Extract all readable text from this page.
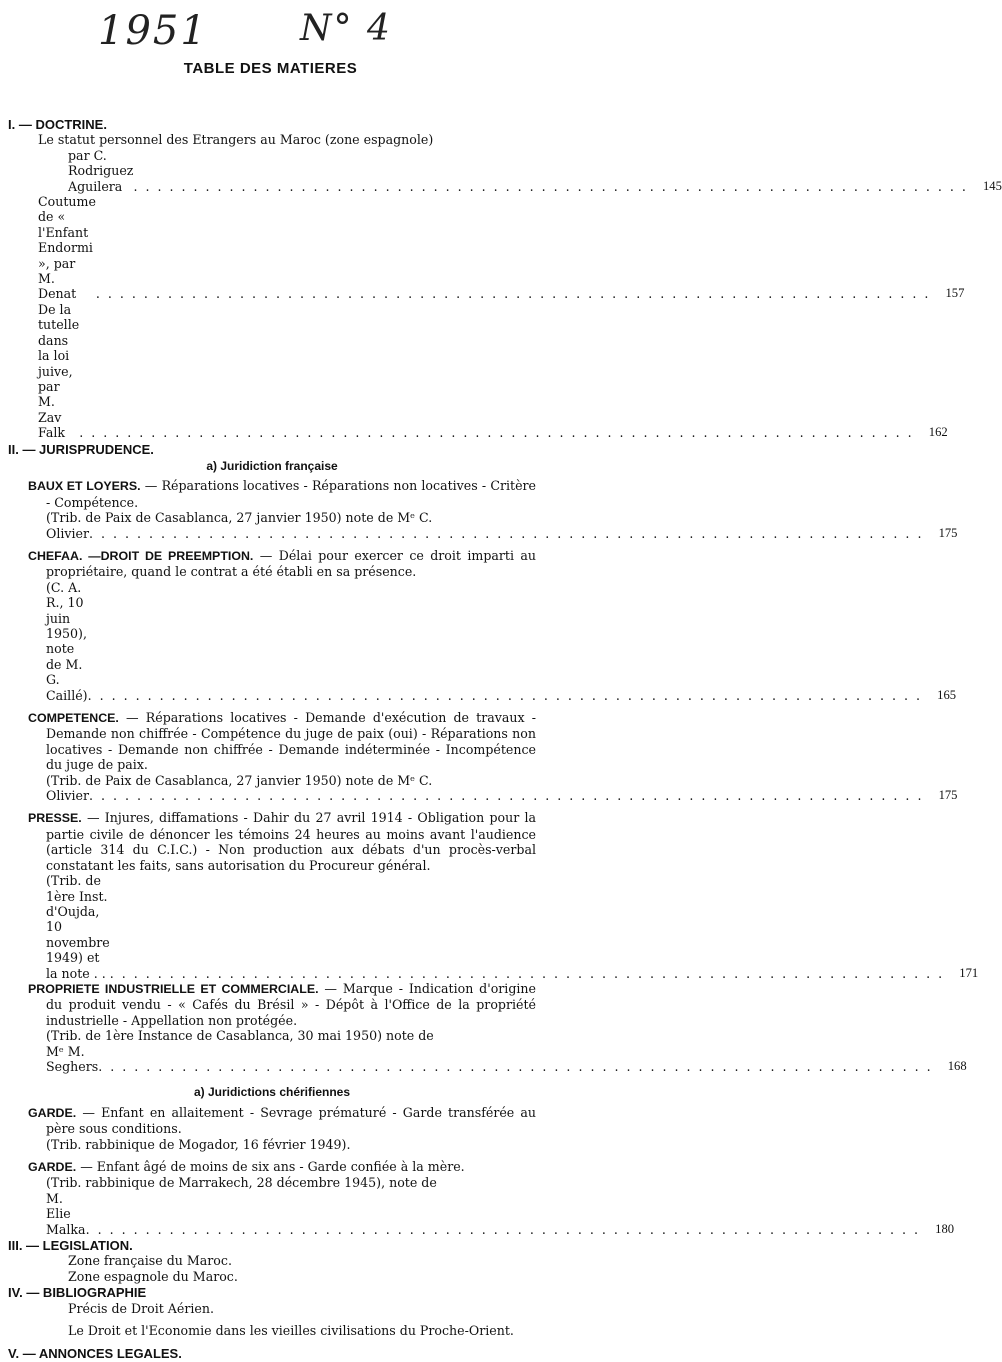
1951	N° 4
TABLE DES MATIERES
I. — DOCTRINE.
Le statut personnel des Etrangers au Maroc (zone espagnole)
par C. Rodriguez Aguilera . . . . . . . . . . . . . . . . . . . . . . . . . . . . . . . . . . . . . . . . . . . . . . . . . . . . . . . . . . . . . . . . . . . . . .	145
Coutume de « l'Enfant Endormi », par M. Denat	. . . . . . . . . . . . . . . . . . . . . . . . . . . . . . . . . . . . . . . . . . . . . . . . . . . . . . . . . . . . . . . . . . . . . .	157
De la tutelle dans la loi juive, par M. Zav Falk	. . . . . . . . . . . . . . . . . . . . . . . . . . . . . . . . . . . . . . . . . . . . . . . . . . . . . . . . . . . . . . . . . . . . . .	162
II. — JURISPRUDENCE.
a) Juridiction française
BAUX ET LOYERS. — Réparations locatives - Réparations non locatives - Critère - Compétence.
(Trib. de Paix de Casablanca, 27 janvier 1950) note de Mᵉ C.
Olivier . . . . . . . . . . . . . . . . . . . . . . . . . . . . . . . . . . . . . . . . . . . . . . . . . . . . . . . . . . . . . . . . . . . . . .	175
CHEFAA. —DROIT DE PREEMPTION. — Délai pour exercer ce droit imparti au propriétaire, quand le contrat a été établi en sa présence.
(C. A. R., 10 juin 1950), note de M. G. Caillé) . . . . . . . . . . . . . . . . . . . . . . . . . . . . . . . . . . . . . . . . . . . . . . . . . . . . . . . . . . . . . . . . . . . . . .	165
COMPETENCE. — Réparations locatives - Demande d'exécution de travaux - Demande non chiffrée - Compétence du juge de paix (oui) - Réparations non locatives - Demande non chiffrée - Demande indéterminée - Incompétence du juge de paix.
(Trib. de Paix de Casablanca, 27 janvier 1950) note de Mᵉ C.
Olivier . . . . . . . . . . . . . . . . . . . . . . . . . . . . . . . . . . . . . . . . . . . . . . . . . . . . . . . . . . . . . . . . . . . . . .	175
PRESSE. — Injures, diffamations - Dahir du 27 avril 1914 - Obligation pour la partie civile de dénoncer les témoins 24 heures au moins avant l'audience (article 314 du C.I.C.) - Non production aux débats d'un procès-verbal constatant les faits, sans autorisation du Procureur général.
(Trib. de 1ère Inst. d'Oujda, 10 novembre 1949) et la note . . . . . . . . . . . . . . . . . . . . . . . . . . . . . . . . . . . . . . . . . . . . . . . . . . . . . . . . . . . . . . . . . . . . . . . .	171
PROPRIETE INDUSTRIELLE ET COMMERCIALE. — Marque - Indication d'origine du produit vendu - « Cafés du Brésil » - Dépôt à l'Office de la propriété industrielle - Appellation non protégée.
(Trib. de 1ère Instance de Casablanca, 30 mai 1950) note de
Mᵉ M. Seghers . . . . . . . . . . . . . . . . . . . . . . . . . . . . . . . . . . . . . . . . . . . . . . . . . . . . . . . . . . . . . . . . . . . . . .	168
a) Juridictions chérifiennes
GARDE. — Enfant en allaitement - Sevrage prématuré - Garde transférée au père sous conditions.
(Trib. rabbinique de Mogador, 16 février 1949).
GARDE. — Enfant âgé de moins de six ans - Garde confiée à la mère.
(Trib. rabbinique de Marrakech, 28 décembre 1945), note de
M. Elie Malka . . . . . . . . . . . . . . . . . . . . . . . . . . . . . . . . . . . . . . . . . . . . . . . . . . . . . . . . . . . . . . . . . . . . . .	180
III. — LEGISLATION.
Zone française du Maroc.
Zone espagnole du Maroc.
IV. — BIBLIOGRAPHIE
Précis de Droit Aérien.
Le Droit et l'Economie dans les vieilles civilisations du Proche-Orient.
V. — ANNONCES LEGALES.
